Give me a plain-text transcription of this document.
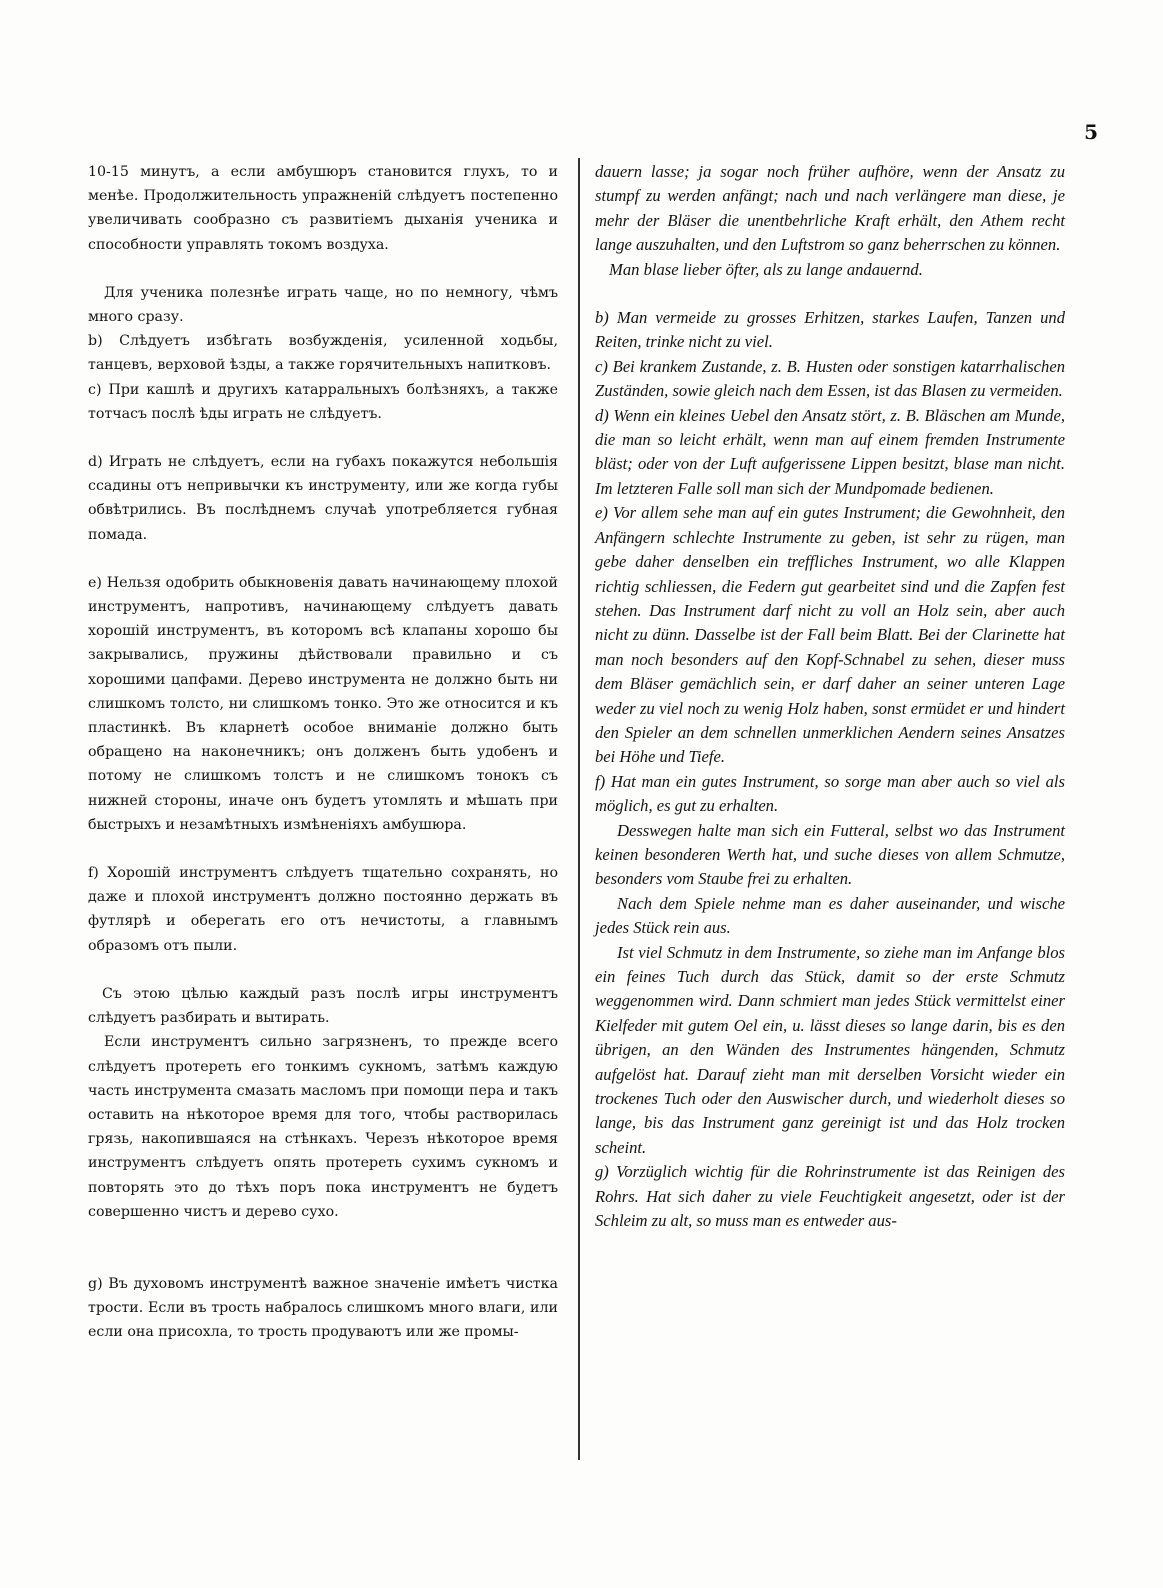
5

10-15 минутъ, а если амбушюръ становится глухъ, то и менѣе. Продолжительность упражненій слѣдуетъ постепенно увеличивать сообразно съ развитіемъ дыханія ученика и способности управлять токомъ воздуха.

Для ученика полезнѣе играть чаще, но по немногу, чѣмъ много сразу.

b) Слѣдуетъ избѣгать возбужденія, усиленной ходьбы, танцевъ, верховой ѣзды, а также горячительныхъ напитковъ.

c) При кашлѣ и другихъ катарральныхъ болѣзняхъ, а также тотчасъ послѣ ѣды играть не слѣдуетъ.

d) Играть не слѣдуетъ, если на губахъ покажутся небольшія ссадины отъ непривычки къ инструменту, или же когда губы обвѣтрились. Въ послѣднемъ случаѣ употребляется губная помада.

e) Нельзя одобрить обыкновенія давать начинающему плохой инструментъ, напротивъ, начинающему слѣдуетъ давать хорошій инструментъ, въ которомъ всѣ клапаны хорошо бы закрывались, пружины дѣйствовали правильно и съ хорошими цапфами. Дерево инструмента не должно быть ни слишкомъ толсто, ни слишкомъ тонко. Это же относится и къ пластинкѣ. Въ кларнетѣ особое вниманіе должно быть обращено на наконечникъ; онъ долженъ быть удобенъ и потому не слишкомъ толстъ и не слишкомъ тонокъ съ нижней стороны, иначе онъ будетъ утомлять и мѣшать при быстрыхъ и незамѣтныхъ измѣненіяхъ амбушюра.

f) Хорошій инструментъ слѣдуетъ тщательно сохранять, но даже и плохой инструментъ должно постоянно держать въ футлярѣ и оберегать его отъ нечистоты, а главнымъ образомъ отъ пыли.

Съ этою цѣлью каждый разъ послѣ игры инструментъ слѣдуетъ разбирать и вытирать.

Если инструментъ сильно загрязненъ, то прежде всего слѣдуетъ протереть его тонкимъ сукномъ, затѣмъ каждую часть инструмента смазать масломъ при помощи пера и такъ оставить на нѣкоторое время для того, чтобы растворилась грязь, накопившаяся на стѣнкахъ. Черезъ нѣкоторое время инструментъ слѣдуетъ опять протереть сухимъ сукномъ и повторять это до тѣхъ поръ пока инструментъ не будетъ совершенно чистъ и дерево сухо.

g) Въ духовомъ инструментѣ важное значеніе имѣетъ чистка трости. Если въ трость набралось слишкомъ много влаги, или если она присохла, то трость продуваютъ или же промы-

dauern lasse; ja sogar noch früher aufhöre, wenn der Ansatz zu stumpf zu werden anfängt; nach und nach verlängere man diese, je mehr der Bläser die unentbehrliche Kraft erhält, den Athem recht lange auszuhalten, und den Luftstrom so ganz beherrschen zu können.

Man blase lieber öfter, als zu lange andauernd.

b) Man vermeide zu grosses Erhitzen, starkes Laufen, Tanzen und Reiten, trinke nicht zu viel.

c) Bei krankem Zustande, z. B. Husten oder sonstigen katarrhalischen Zuständen, sowie gleich nach dem Essen, ist das Blasen zu vermeiden.

d) Wenn ein kleines Uebel den Ansatz stört, z. B. Bläschen am Munde, die man so leicht erhält, wenn man auf einem fremden Instrumente bläst; oder von der Luft aufgerissene Lippen besitzt, blase man nicht. Im letzteren Falle soll man sich der Mundpomade bedienen.

e) Vor allem sehe man auf ein gutes Instrument; die Gewohnheit, den Anfängern schlechte Instrumente zu geben, ist sehr zu rügen, man gebe daher denselben ein treffliches Instrument, wo alle Klappen richtig schliessen, die Federn gut gearbeitet sind und die Zapfen fest stehen. Das Instrument darf nicht zu voll an Holz sein, aber auch nicht zu dünn. Dasselbe ist der Fall beim Blatt. Bei der Clarinette hat man noch besonders auf den Kopf-Schnabel zu sehen, dieser muss dem Bläser gemächlich sein, er darf daher an seiner unteren Lage weder zu viel noch zu wenig Holz haben, sonst ermüdet er und hindert den Spieler an dem schnellen unmerklichen Aendern seines Ansatzes bei Höhe und Tiefe.

f) Hat man ein gutes Instrument, so sorge man aber auch so viel als möglich, es gut zu erhalten.

Desswegen halte man sich ein Futteral, selbst wo das Instrument keinen besonderen Werth hat, und suche dieses von allem Schmutze, besonders vom Staube frei zu erhalten.

Nach dem Spiele nehme man es daher auseinander, und wische jedes Stück rein aus.

Ist viel Schmutz in dem Instrumente, so ziehe man im Anfange blos ein feines Tuch durch das Stück, damit so der erste Schmutz weggenommen wird. Dann schmiert man jedes Stück vermittelst einer Kielfeder mit gutem Oel ein, u. lässt dieses so lange darin, bis es den übrigen, an den Wänden des Instrumentes hängenden, Schmutz aufgelöst hat. Darauf zieht man mit derselben Vorsicht wieder ein trockenes Tuch oder den Auswischer durch, und wiederholt dieses so lange, bis das Instrument ganz gereinigt ist und das Holz trocken scheint.

g) Vorzüglich wichtig für die Rohrinstrumente ist das Reinigen des Rohrs. Hat sich daher zu viele Feuchtigkeit angesetzt, oder ist der Schleim zu alt, so muss man es entweder aus-
